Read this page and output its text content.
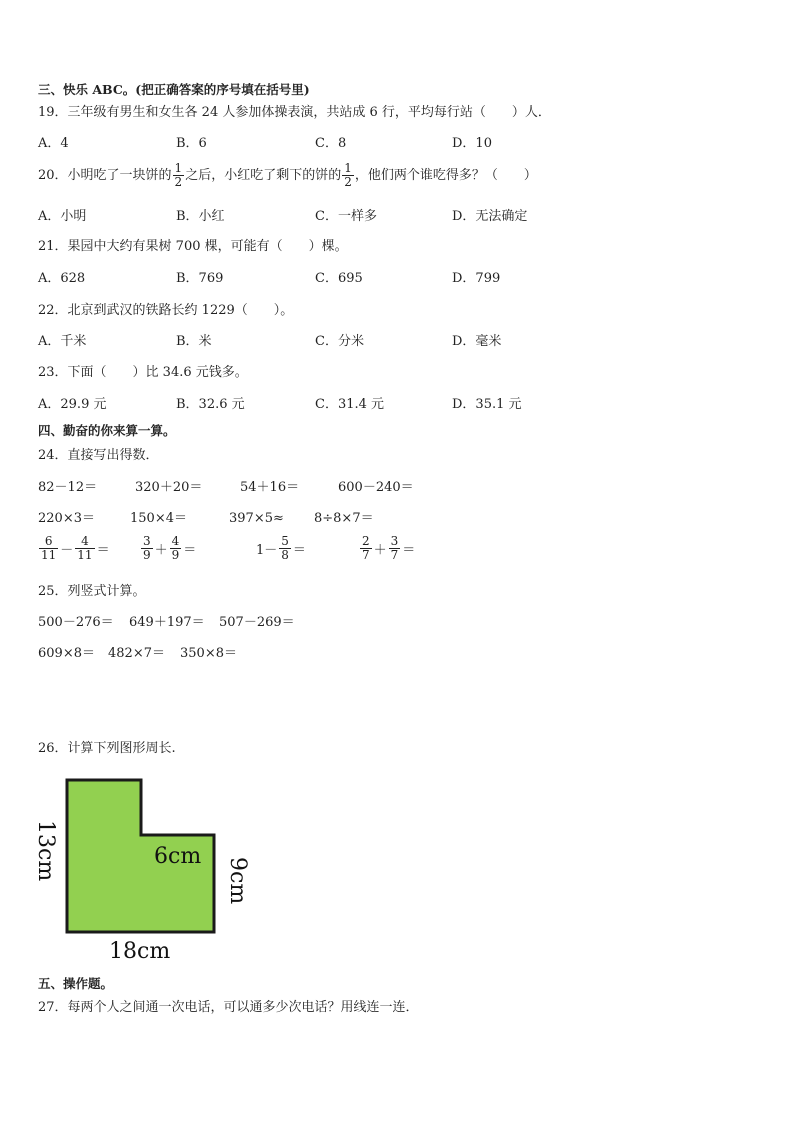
三、快乐 ABC。(把正确答案的序号填在括号里)
19．三年级有男生和女生各 24 人参加体操表演，共站成 6 行，平均每行站（　　）人．
A．4	B．6	C．8	D．10
20．小明吃了一块饼的 $\frac{1}{2}$ 之后，小红吃了剩下的饼的 $\frac{1}{2}$ ，他们两个谁吃得多？（　　）
A．小明	B．小红	C．一样多	D．无法确定
21．果园中大约有果树 700 棵，可能有（　　）棵。
A．628	B．769	C．695	D．799
22．北京到武汉的铁路长约 1229（　　）。
A．千米	B．米	C．分米	D．毫米
23．下面（　　）比 34.6 元钱多。
A．29.9 元	B．32.6 元	C．31.4 元	D．35.1 元
四、勤奋的你来算一算。
24．直接写出得数．
82－12＝	320＋20＝	54＋16＝	600－240＝
220×3＝	150×4＝	397×5≈ 8÷8×7＝
$\frac{6}{11} - \frac{4}{11}$ ＝	$\frac{3}{9} + \frac{4}{9}$ ＝	$1- \frac{5}{8}$ ＝	$\frac{2}{7} + \frac{3}{7}$ ＝
25．列竖式计算。
500－276＝ 649＋197＝ 507－269＝
609×8＝ 482×7＝ 350×8＝
26．计算下列图形周长.
6cm
13cm	9cm
18cm
五、操作题。
27．每两个人之间通一次电话，可以通多少次电话？用线连一连．
